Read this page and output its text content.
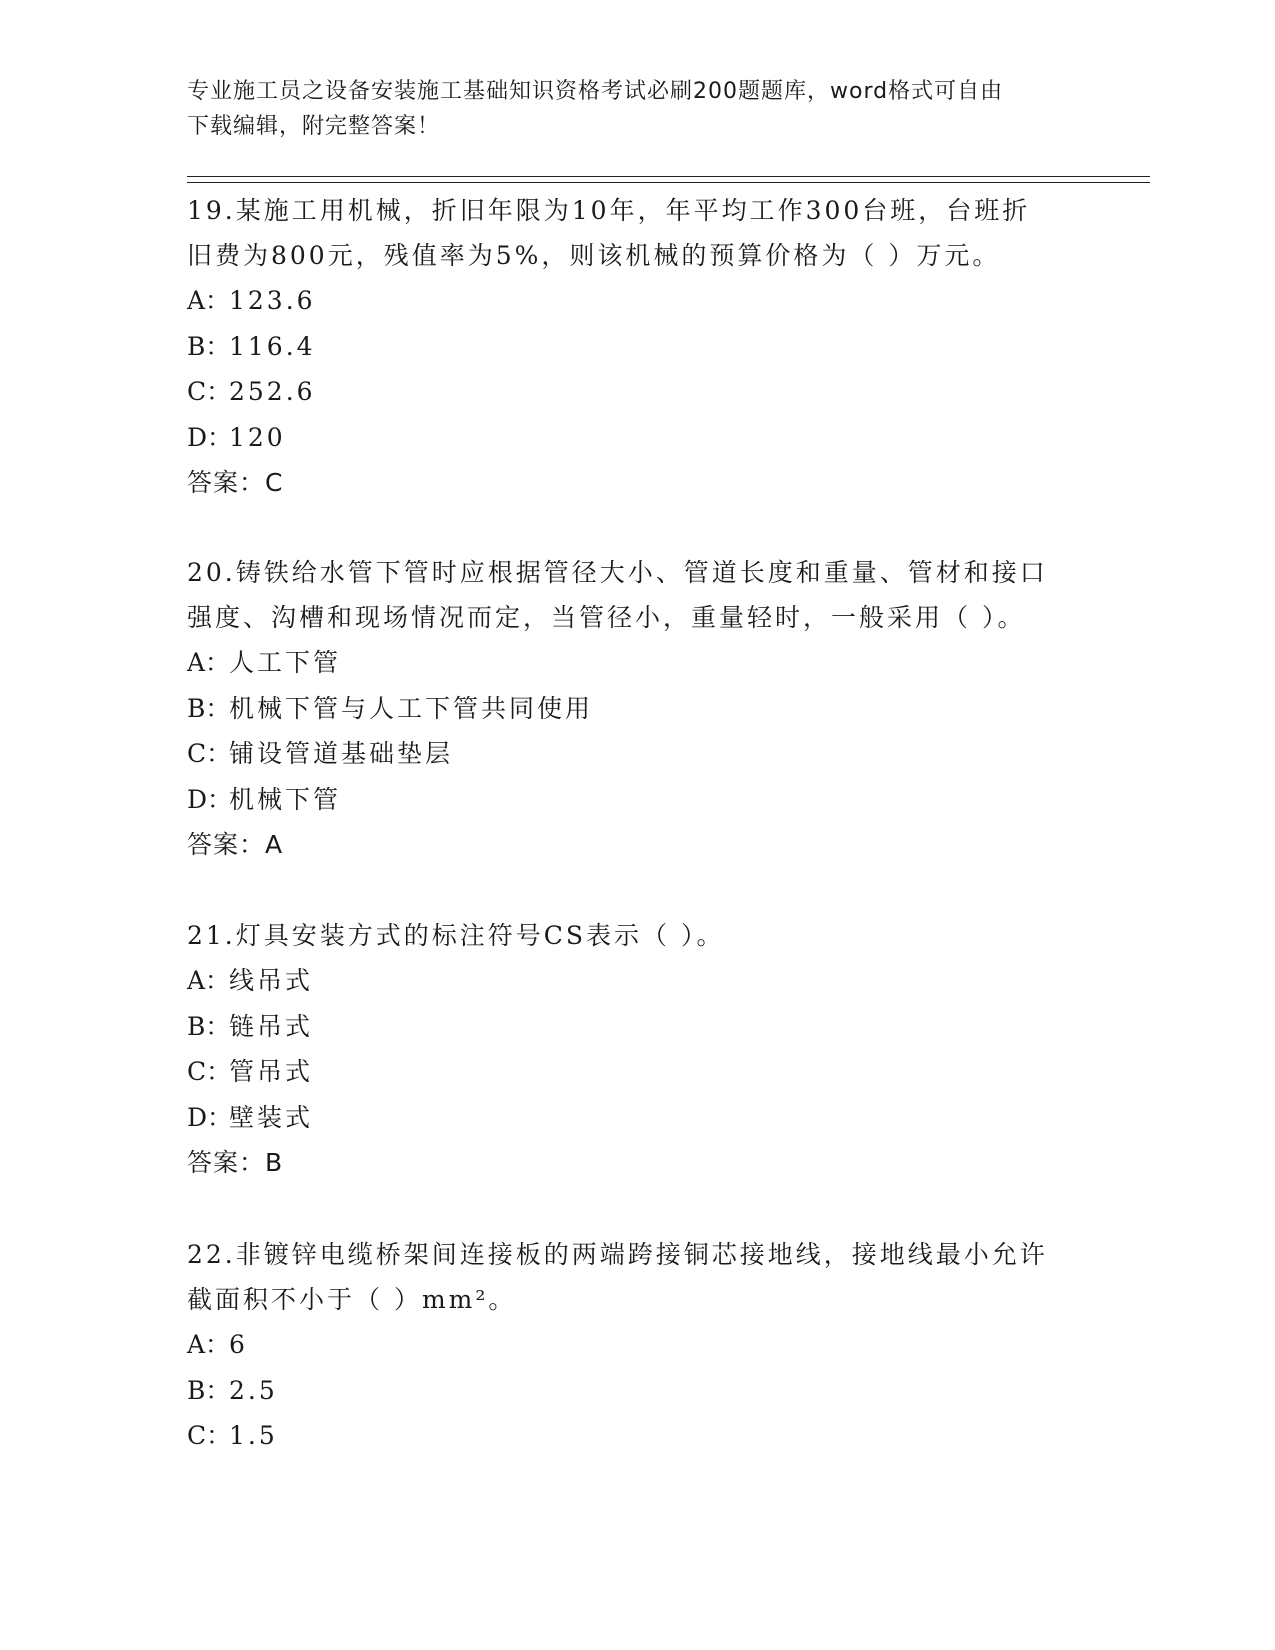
专业施工员之设备安装施工基础知识资格考试必刷200题题库，word格式可自由
下载编辑，附完整答案！

19.某施工用机械，折旧年限为10年，年平均工作300台班，台班折

旧费为800元，残值率为5%，则该机械的预算价格为（ ）万元。

A：123.6

B：116.4

C：252.6

D：120

答案：C

20.铸铁给水管下管时应根据管径大小、管道长度和重量、管材和接口

强度、沟槽和现场情况而定，当管径小，重量轻时，一般采用（ ）。

A：人工下管

B：机械下管与人工下管共同使用

C：铺设管道基础垫层

D：机械下管

答案：A

21.灯具安装方式的标注符号CS表示（ ）。

A：线吊式

B：链吊式

C：管吊式

D：壁装式

答案：B

22.非镀锌电缆桥架间连接板的两端跨接铜芯接地线，接地线最小允许

截面积不小于（ ）mm²。

A：6

B：2.5

C：1.5
